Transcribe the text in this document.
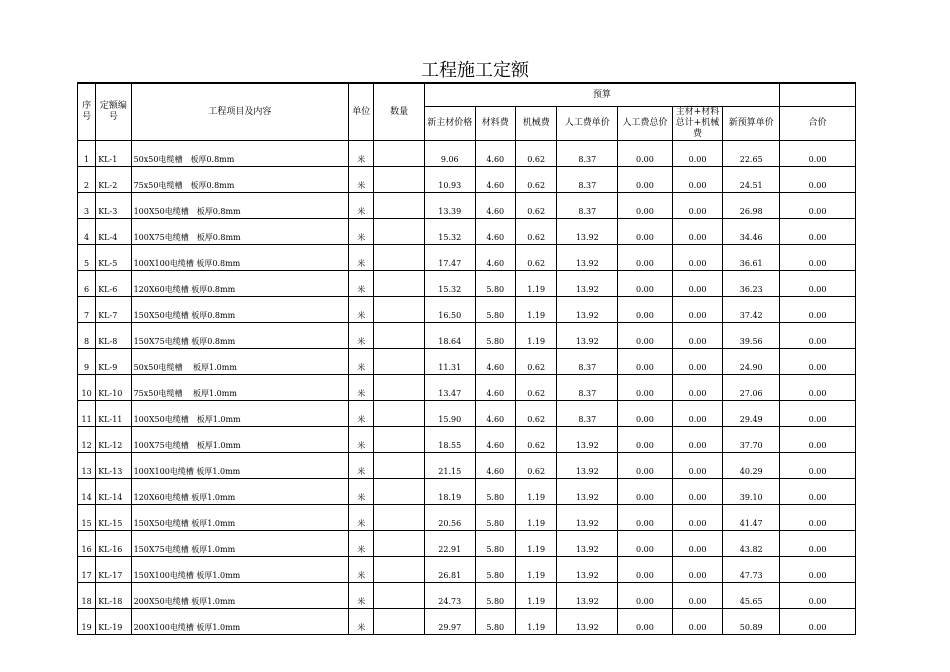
工程施工定额
序号	定额编号	工程项目及内容	单位	数量	预算							
					新主材价格	材料费	机械费	人工费单价	人工费总价	主材+材料总计+机械费	新预算单价	合价
1	KL-1	50x50电缆槽　板厚0.8mm	米		9.06	4.60	0.62	8.37	0.00	0.00	22.65	0.00
2	KL-2	75x50电缆槽　板厚0.8mm	米		10.93	4.60	0.62	8.37	0.00	0.00	24.51	0.00
3	KL-3	100X50电缆槽　板厚0.8mm	米		13.39	4.60	0.62	8.37	0.00	0.00	26.98	0.00
4	KL-4	100X75电缆槽　板厚0.8mm	米		15.32	4.60	0.62	13.92	0.00	0.00	34.46	0.00
5	KL-5	100X100电缆槽 板厚0.8mm	米		17.47	4.60	0.62	13.92	0.00	0.00	36.61	0.00
6	KL-6	120X60电缆槽 板厚0.8mm	米		15.32	5.80	1.19	13.92	0.00	0.00	36.23	0.00
7	KL-7	150X50电缆槽 板厚0.8mm	米		16.50	5.80	1.19	13.92	0.00	0.00	37.42	0.00
8	KL-8	150X75电缆槽 板厚0.8mm	米		18.64	5.80	1.19	13.92	0.00	0.00	39.56	0.00
9	KL-9	50x50电缆槽　 板厚1.0mm	米		11.31	4.60	0.62	8.37	0.00	0.00	24.90	0.00
10	KL-10	75x50电缆槽　 板厚1.0mm	米		13.47	4.60	0.62	8.37	0.00	0.00	27.06	0.00
11	KL-11	100X50电缆槽　板厚1.0mm	米		15.90	4.60	0.62	8.37	0.00	0.00	29.49	0.00
12	KL-12	100X75电缆槽　板厚1.0mm	米		18.55	4.60	0.62	13.92	0.00	0.00	37.70	0.00
13	KL-13	100X100电缆槽 板厚1.0mm	米		21.15	4.60	0.62	13.92	0.00	0.00	40.29	0.00
14	KL-14	120X60电缆槽 板厚1.0mm	米		18.19	5.80	1.19	13.92	0.00	0.00	39.10	0.00
15	KL-15	150X50电缆槽 板厚1.0mm	米		20.56	5.80	1.19	13.92	0.00	0.00	41.47	0.00
16	KL-16	150X75电缆槽 板厚1.0mm	米		22.91	5.80	1.19	13.92	0.00	0.00	43.82	0.00
17	KL-17	150X100电缆槽 板厚1.0mm	米		26.81	5.80	1.19	13.92	0.00	0.00	47.73	0.00
18	KL-18	200X50电缆槽 板厚1.0mm	米		24.73	5.80	1.19	13.92	0.00	0.00	45.65	0.00
19	KL-19	200X100电缆槽 板厚1.0mm	米		29.97	5.80	1.19	13.92	0.00	0.00	50.89	0.00
